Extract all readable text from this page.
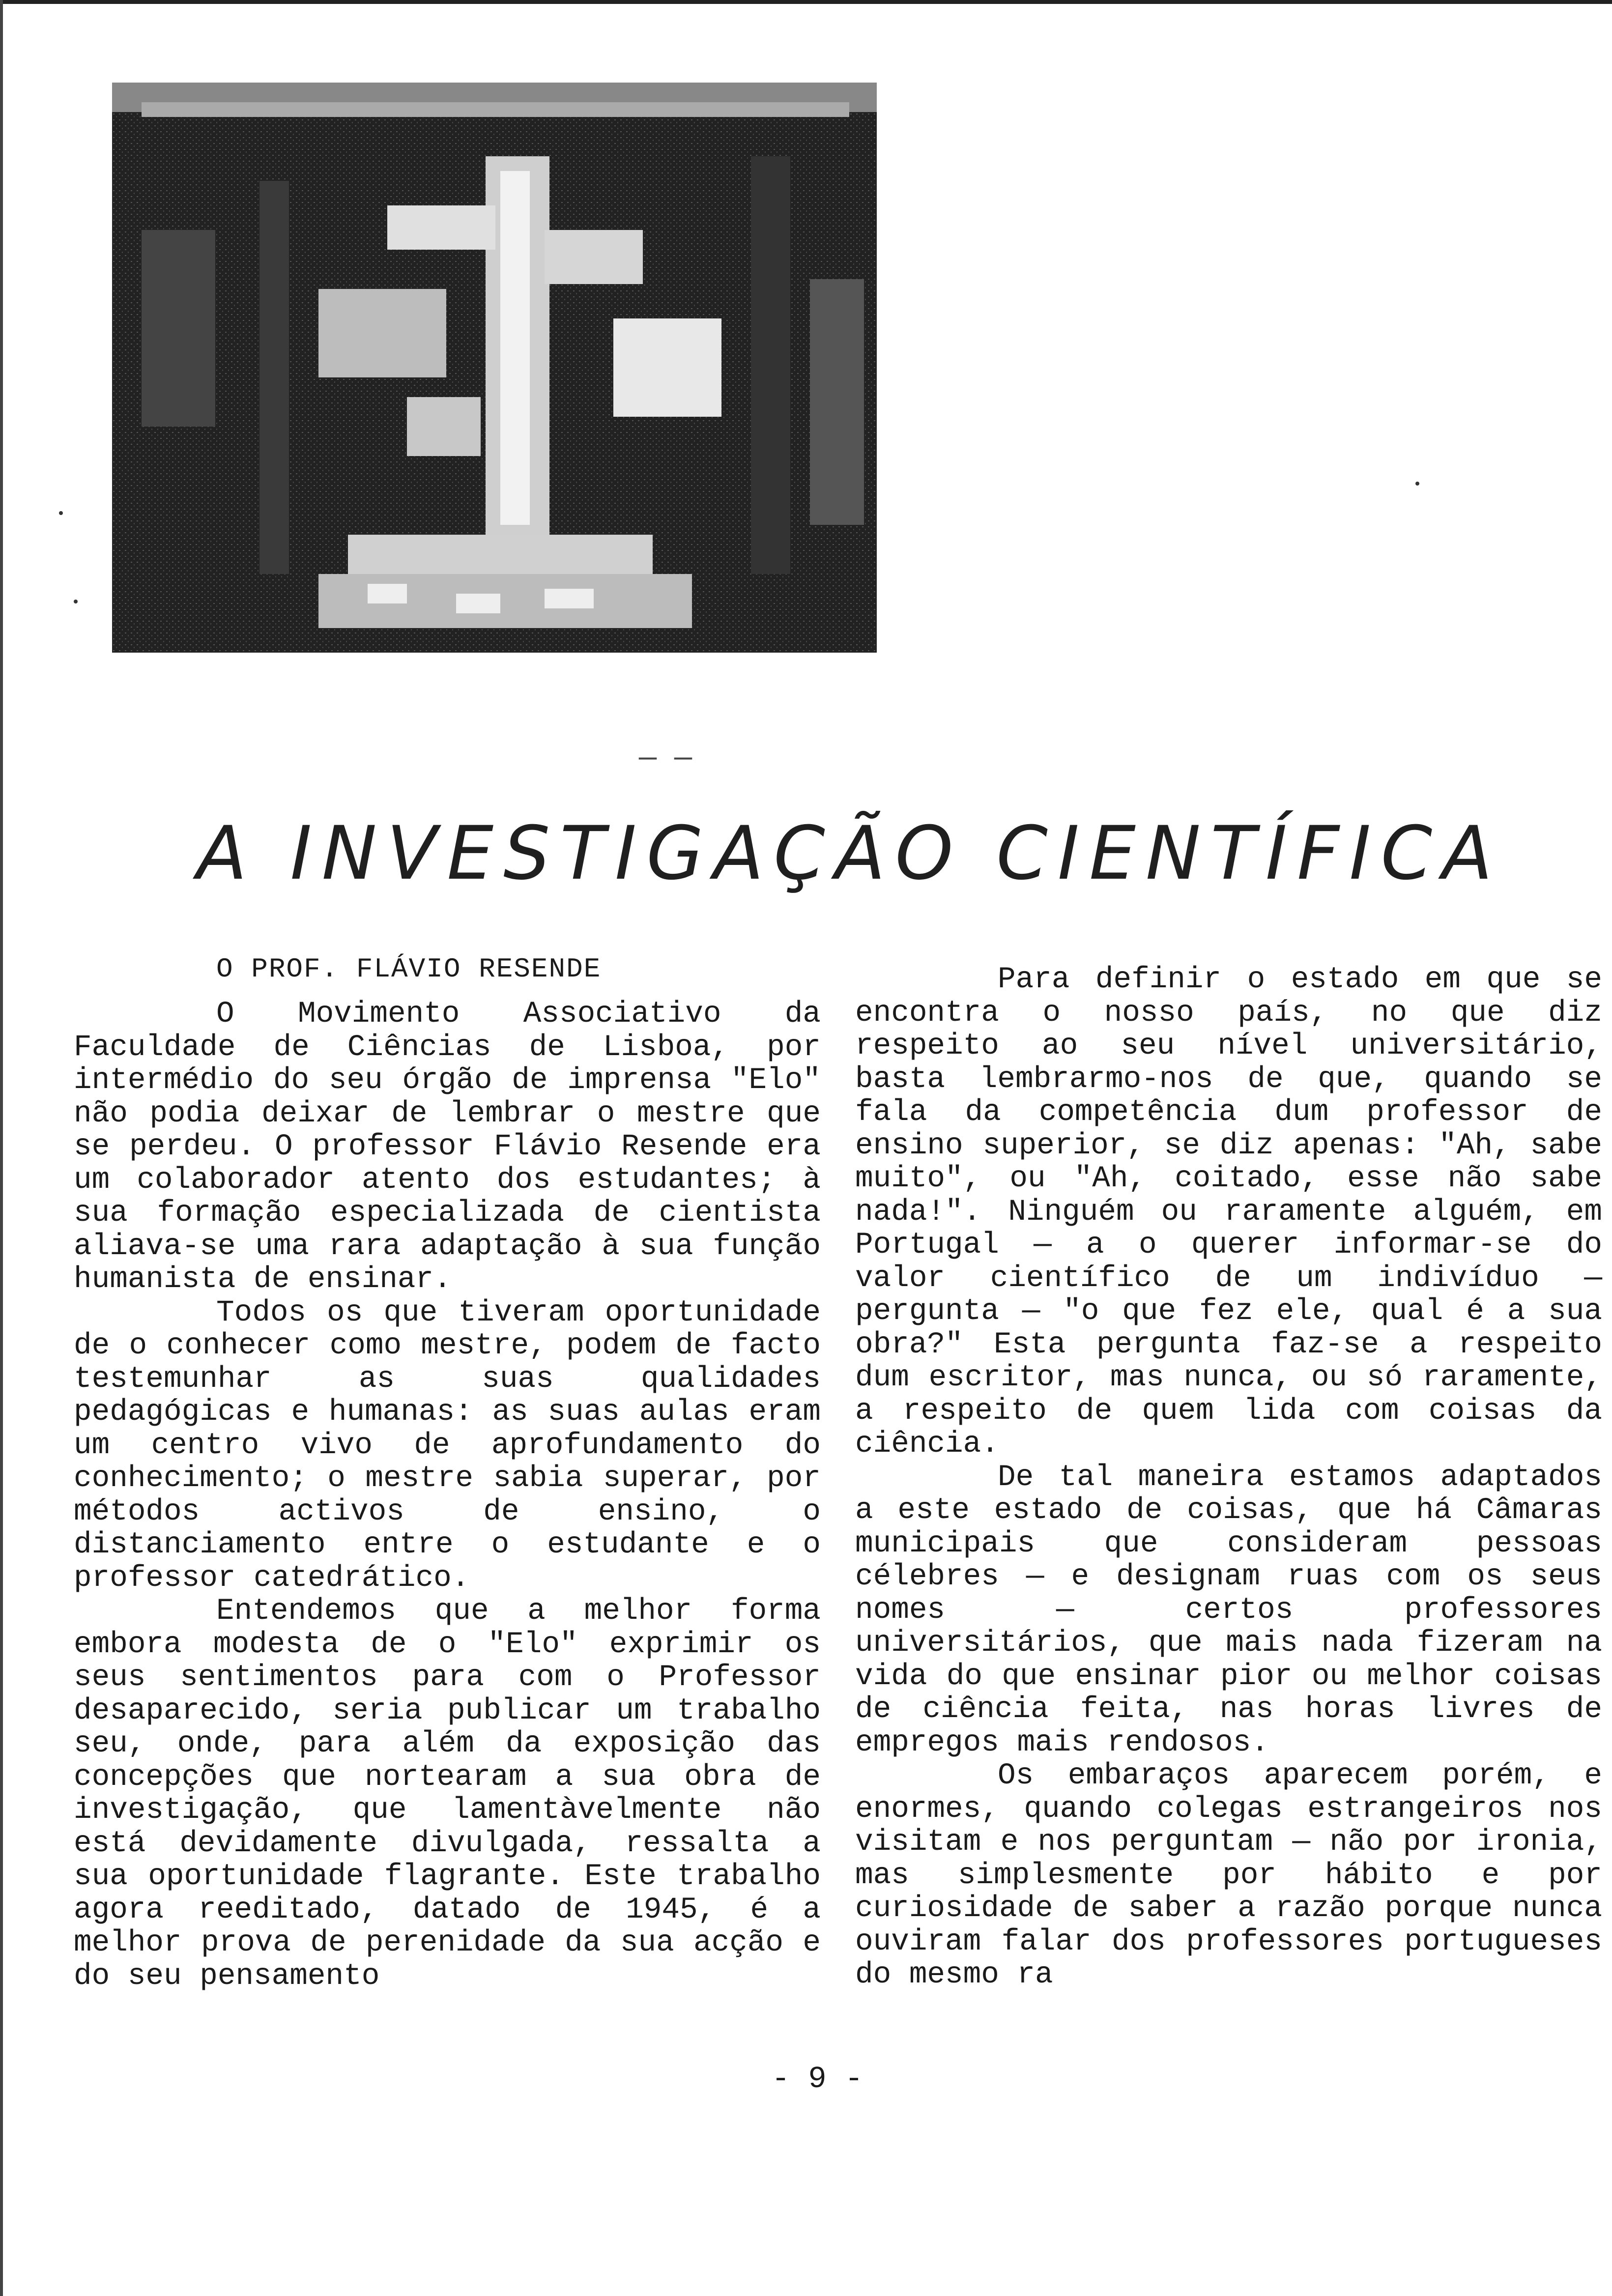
— —
A INVESTIGAÇÃO CIENTÍFICA
O PROF. FLÁVIO RESENDE

O Movimento Associativo da Faculdade de Ciências de Lisboa, por intermédio do seu órgão de imprensa "Elo" não podia deixar de lembrar o mestre que se perdeu. O professor Flávio Resende era um colaborador atento dos estudantes; à sua formação especializada de cientista aliava-se uma rara adaptação à sua função humanista de ensinar.

Todos os que tiveram oportunidade de o conhecer como mestre, podem de facto testemunhar as suas qualidades pedagógicas e humanas: as suas aulas eram um centro vivo de aprofundamento do conhecimento; o mestre sabia superar, por métodos activos de ensino, o distanciamento entre o estudante e o professor catedrático.

Entendemos que a melhor forma embora modesta de o "Elo" exprimir os seus sentimentos para com o Professor desaparecido, seria publicar um trabalho seu, onde, para além da exposição das concepções que nortearam a sua obra de investigação, que lamentàvelmente não está devidamente divulgada, ressalta a sua oportunidade flagrante. Este trabalho agora reeditado, datado de 1945, é a melhor prova de perenidade da sua acção e do seu pensamento

Para definir o estado em que se encontra o nosso país, no que diz respeito ao seu nível universitário, basta lembrarmo-nos de que, quando se fala da competência dum professor de ensino superior, se diz apenas: "Ah, sabe muito", ou "Ah, coitado, esse não sabe nada!". Ninguém ou raramente alguém, em Portugal — a o querer informar-se do valor científico de um indivíduo — pergunta — "o que fez ele, qual é a sua obra?" Esta pergunta faz-se a respeito dum escritor, mas nunca, ou só raramente, a respeito de quem lida com coisas da ciência.

De tal maneira estamos adaptados a este estado de coisas, que há Câmaras municipais que consideram pessoas célebres — e designam ruas com os seus nomes — certos professores universitários, que mais nada fizeram na vida do que ensinar pior ou melhor coisas de ciência feita, nas horas livres de empregos mais rendosos.

Os embaraços aparecem porém, e enormes, quando colegas estrangeiros nos visitam e nos perguntam — não por ironia, mas simplesmente por hábito e por curiosidade de saber a razão porque nunca ouviram falar dos professores portugueses do mesmo ra

- 9 -
